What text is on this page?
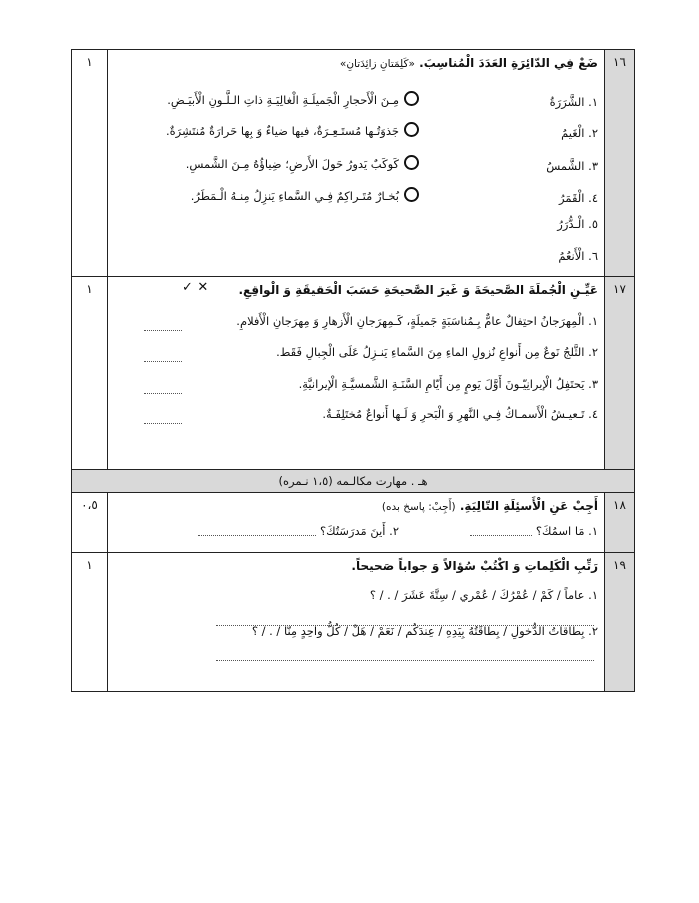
١٦
ضَعْ فِي الدّائِرَةِ العَدَدَ الْمُناسِبَ. «كَلِمَتانِ زائِدَتانِ»
١. الشَّرَرَةُ
٢. الْغَيمُ
٣. الشَّمسُ
٤. الْقَمَرُ
٥. الْـدُّرَرُ
٦. الْأَنعُمُ
مِـنَ الْأَحجارِ الْجَميلَـةِ الْغالِيَـةِ ذاتِ الـلَّـونِ الْأَبيَـضِ.
جَذوَتُـها مُستَـعِـرَةٌ، فيها ضياءٌ وَ بِها حَرارَةٌ مُنتَشِرَةٌ.
كَوكَبٌ يَدورُ حَولَ الأَرضِ؛ ضِياؤُهُ مِـنَ الشَّمسِ.
بُخـارٌ مُتَـراكِمٌ فِـي السَّماءِ يَنزِلُ مِنـهُ الْـمَطَرُ.
١
١٧
عَيِّـنِ الْجُملَةَ الصَّحيحَةَ وَ غَيرَ الصَّحيحَةِ حَسَبَ الْحَقيقَةِ وَ الْواقِعِ.
✓ ✕
١. الْمِهرَجانُ احتِفالٌ عامٌّ بِـمُناسَبَةٍ جَميلَةٍ، كَـمِهرَجانِ الْأَزهارِ وَ مِهرَجانِ الْأَفلامِ.
٢. الثَّلجُ نَوعٌ مِن أَنواعِ نُزولِ الماءِ مِنَ السَّماءِ يَنـزِلُ عَلَى الْجِبالِ فَقَط.
٣. يَحتَفِلُ الْإيرانِيّـونَ أَوَّلَ يَومٍ مِن أَيّامِ السَّنَـةِ الشَّمسيَّـةِ الْإيرانيَّةِ.
٤. تَـعيـشُ الْأَسمـاكُ فِـي النَّهرِ وَ الْبَحرِ وَ لَـها أَنواعٌ مُختَلِفَـةٌ.
١
هـ . مهارت مکالـمه (١،٥ نـمره)
١٨
أَجِبْ عَنِ الْأَسئِلَةِ التّالِيَةِ. (أَجِبْ: پاسخ بده)
١. مَا اسمُكَ؟
٢. أَينَ مَدرَسَتُكَ؟
٠،٥
١٩
رَتِّبِ الْكَلِماتِ وَ اكْتُبْ سُؤالاً وَ جواباً صَحيحاً.
١. عاماً / كَمْ / عُمْرُكَ / عُمْري / سِتَّةَ عَشَرَ / . / ؟
٢. بِطاقاتُ الدُّخولِ / بِطاقَتُهُ بِيَدِهِ / عِندَكُم / نَعَمْ / هَلْ / كُلُّ واحِدٍ مِنّا / . / ؟
١
